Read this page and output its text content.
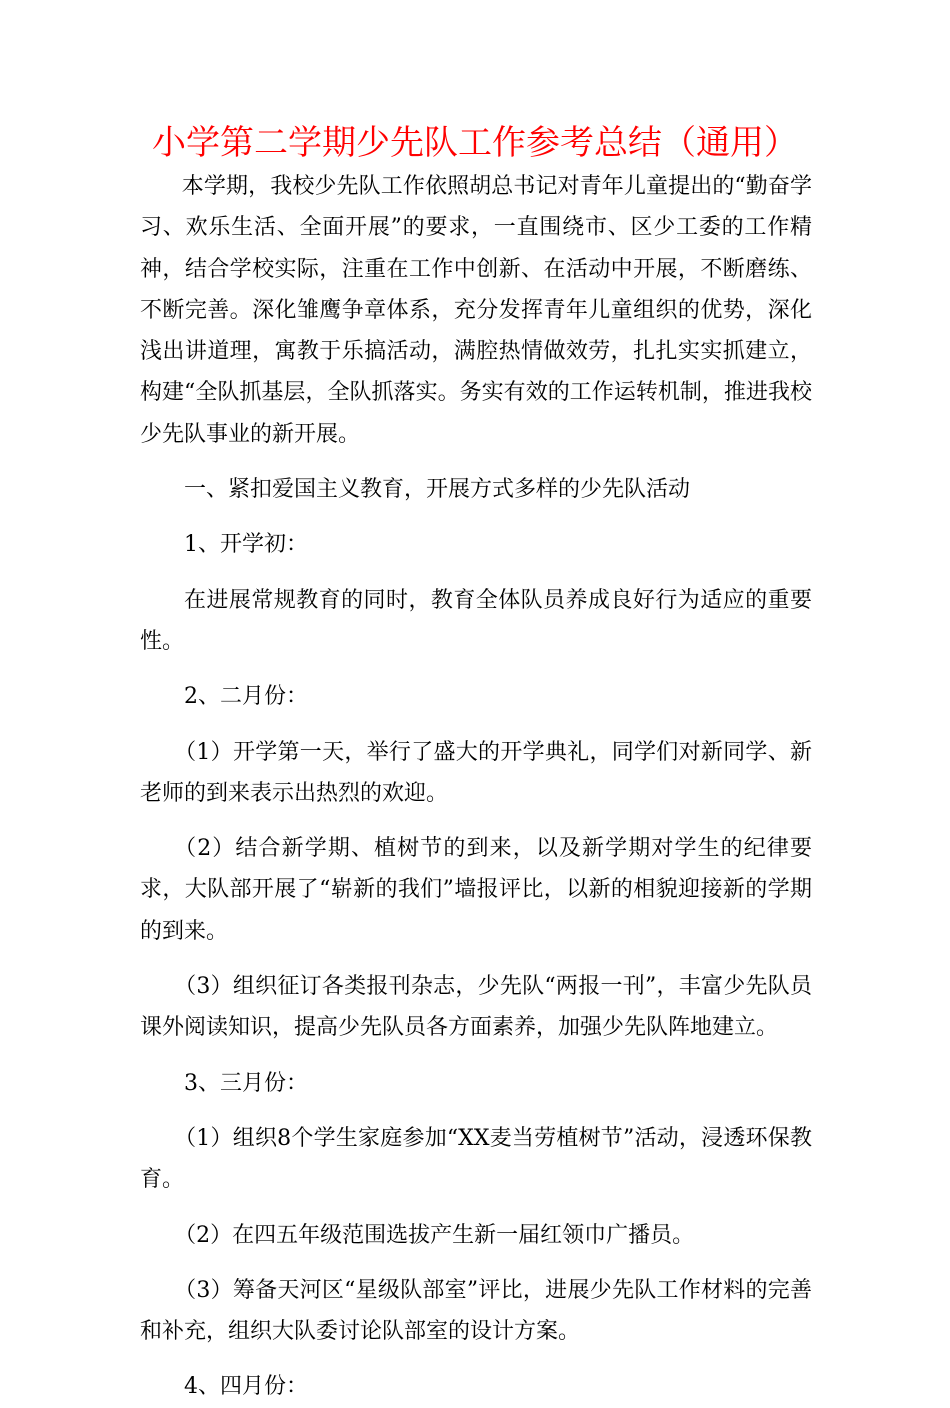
小学第二学期少先队工作参考总结（通用）

本学期，我校少先队工作依照胡总书记对青年儿童提出的“勤奋学习、欢乐生活、全面开展”的要求，一直围绕市、区少工委的工作精神，结合学校实际，注重在工作中创新、在活动中开展，不断磨练、不断完善。深化雏鹰争章体系，充分发挥青年儿童组织的优势，深化浅出讲道理，寓教于乐搞活动，满腔热情做效劳，扎扎实实抓建立，构建“全队抓基层，全队抓落实。务实有效的工作运转机制，推进我校少先队事业的新开展。

一、紧扣爱国主义教育，开展方式多样的少先队活动

1、开学初：

在进展常规教育的同时，教育全体队员养成良好行为适应的重要性。

2、二月份：

（1）开学第一天，举行了盛大的开学典礼，同学们对新同学、新老师的到来表示出热烈的欢迎。

（2）结合新学期、植树节的到来，以及新学期对学生的纪律要求，大队部开展了“崭新的我们”墙报评比，以新的相貌迎接新的学期的到来。

（3）组织征订各类报刊杂志，少先队“两报一刊”，丰富少先队员课外阅读知识，提高少先队员各方面素养，加强少先队阵地建立。

3、三月份：

（1）组织8个学生家庭参加“XX麦当劳植树节”活动，浸透环保教育。

（2）在四五年级范围选拔产生新一届红领巾广播员。

（3）筹备天河区“星级队部室”评比，进展少先队工作材料的完善和补充，组织大队委讨论队部室的设计方案。

4、四月份：
